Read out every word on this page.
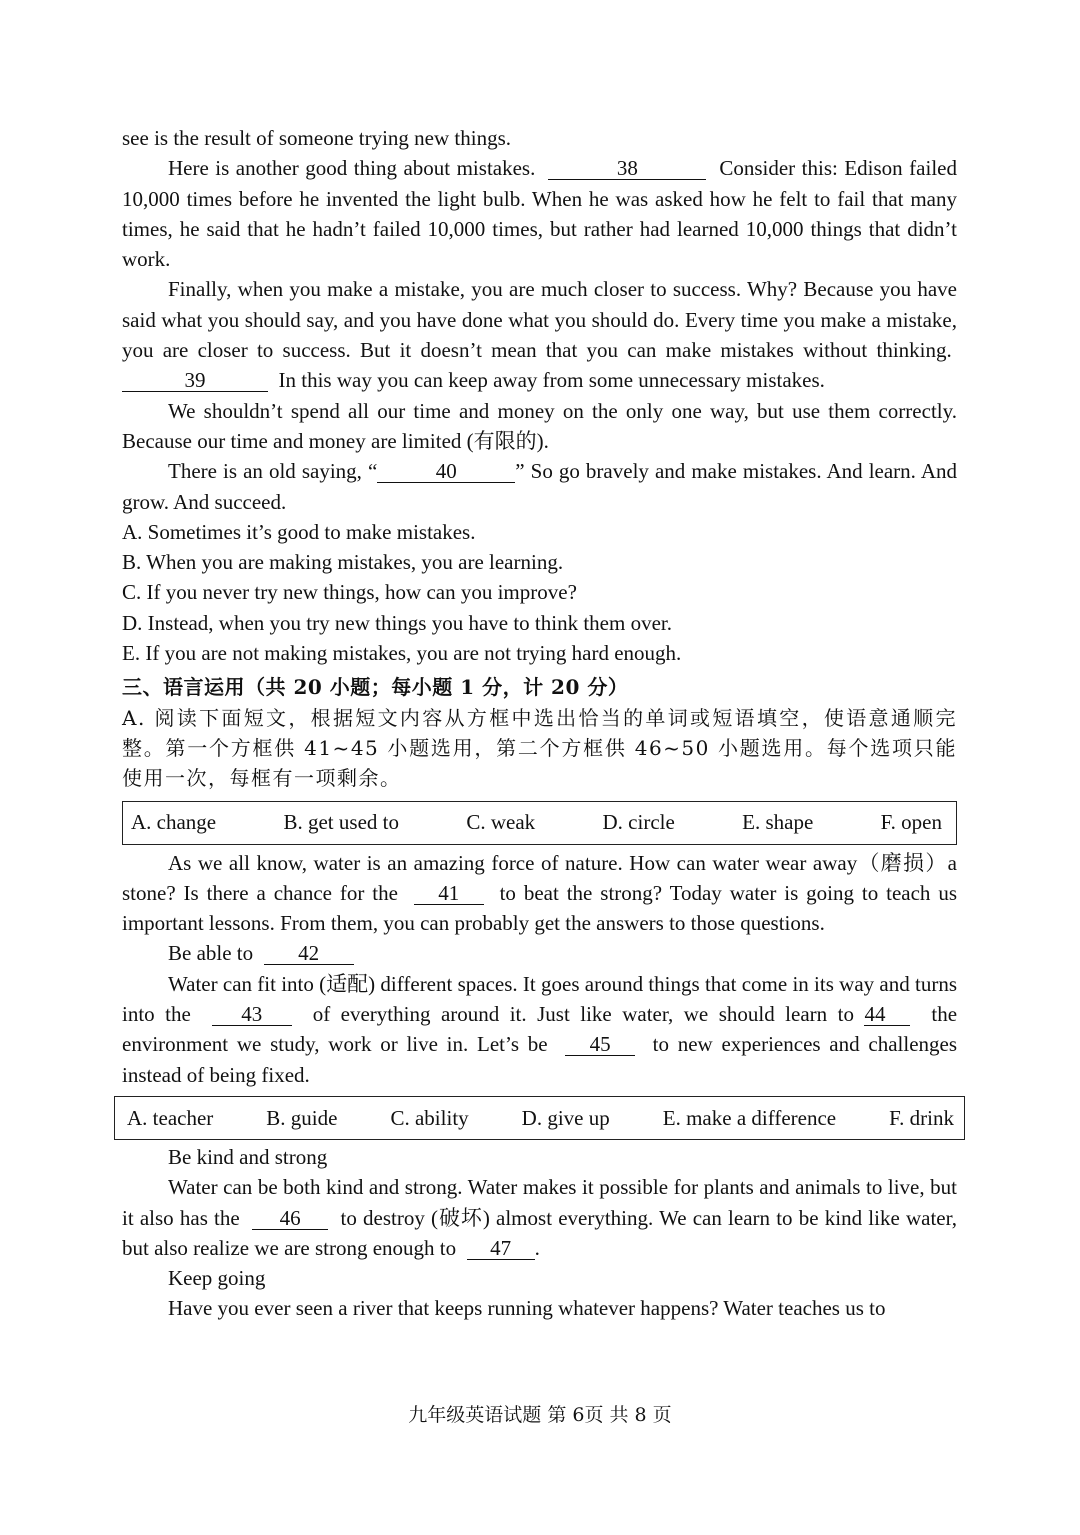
see is the result of someone trying new things.

Here is another good thing about mistakes.	38	Consider this: Edison failed 10,000 times before he invented the light bulb. When he was asked how he felt to fail that many times, he said that he hadn’t failed 10,000 times, but rather had learned 10,000 things that didn’t work.

Finally, when you make a mistake, you are much closer to success. Why? Because you have said what you should say, and you have done what you should do. Every time you make a mistake, you are closer to success. But it doesn’t mean that you can make mistakes without thinking.  39	In this way you can keep away from some unnecessary mistakes.

We shouldn’t spend all our time and money on the only one way, but use them correctly. Because our time and money are limited (有限的).

There is an old saying, “	40	” So go bravely and make mistakes. And learn. And grow. And succeed.

A. Sometimes it’s good to make mistakes.

B. When you are making mistakes, you are learning.

C. If you never try new things, how can you improve?

D. Instead, when you try new things you have to think them over.

E. If you are not making mistakes, you are not trying hard enough.

三、语言运用（共 20 小题；每小题 1 分，计 20 分）

A. 阅读下面短文，根据短文内容从方框中选出恰当的单词或短语填空，使语意通顺完整。第一个方框供 41~45 小题选用，第二个方框供 46~50 小题选用。每个选项只能使用一次，每框有一项剩余。

A. change	B. get used to	C. weak	D. circle	E. shape	F. open

As we all know, water is an amazing force of nature. How can water wear away（磨损）a stone? Is there a chance for the 41 to beat the strong? Today water is going to teach us important lessons. From them, you can probably get the answers to those questions.

Be able to 42

Water can fit into (适配) different spaces. It goes around things that come in its way and turns into the 43 of everything around it. Just like water, we should learn to 44 the environment we study, work or live in. Let’s be 45 to new experiences and challenges instead of being fixed.

A. teacher	B. guide	C. ability	D. give up	E. make a difference	F. drink

Be kind and strong

Water can be both kind and strong. Water makes it possible for plants and animals to live, but it also has the 46 to destroy (破坏) almost everything. We can learn to be kind like water, but also realize we are strong enough to 47 .

Keep going

Have you ever seen a river that keeps running whatever happens? Water teaches us to

九年级英语试题 第 6页 共 8 页
